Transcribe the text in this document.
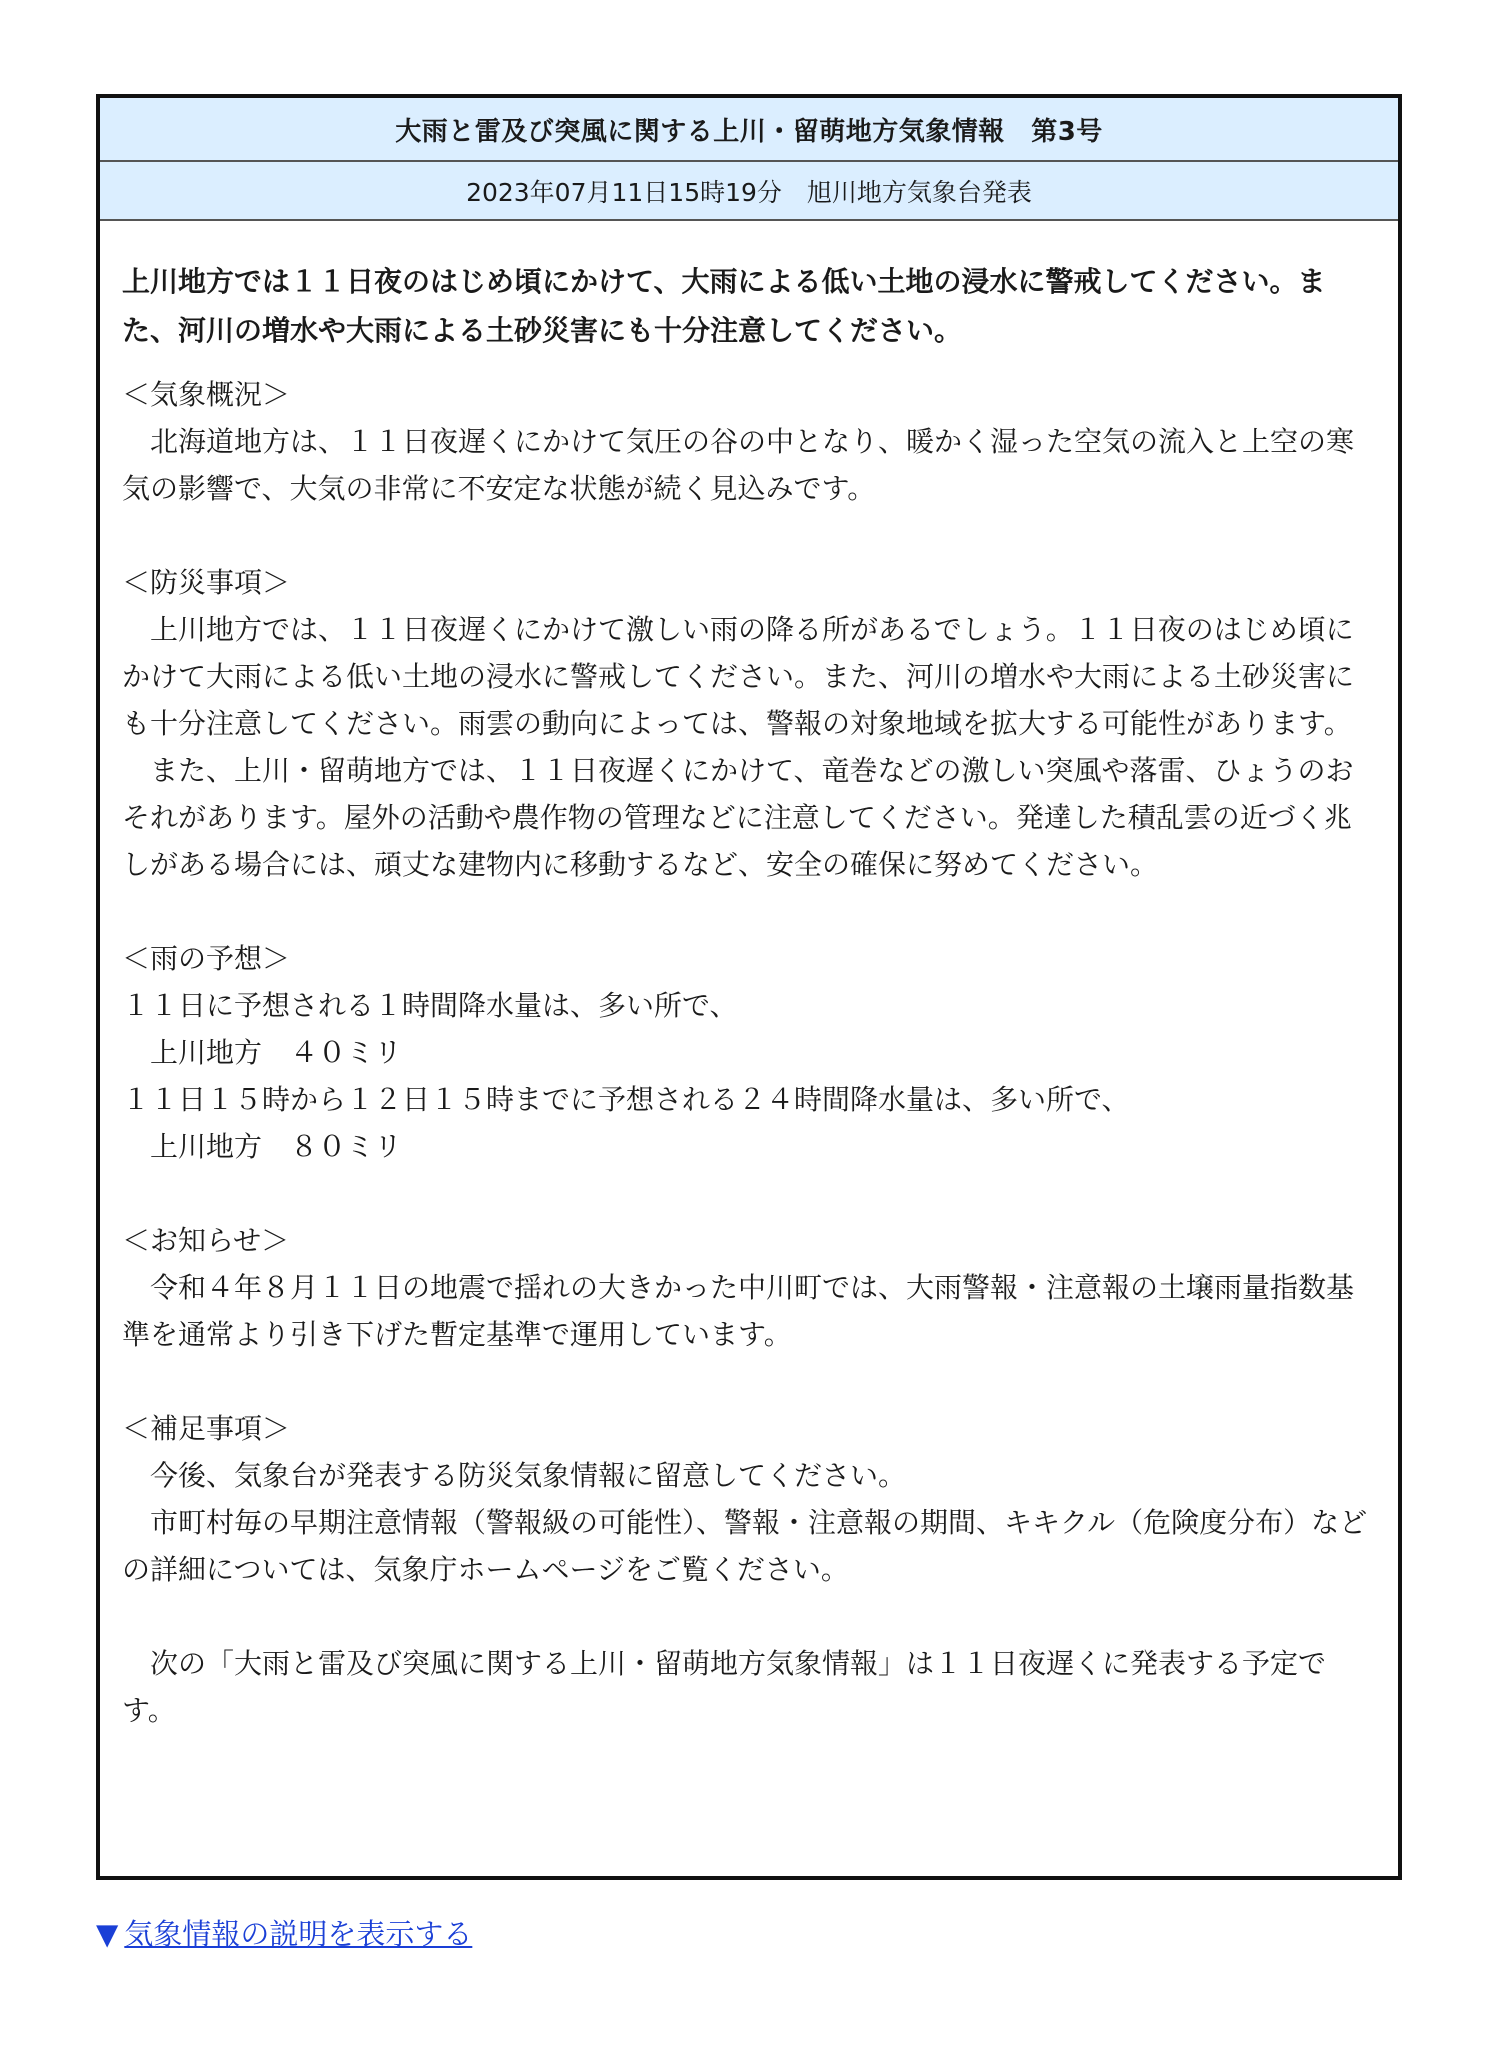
大雨と雷及び突風に関する上川・留萌地方気象情報　第3号
2023年07月11日15時19分　旭川地方気象台発表

上川地方では１１日夜のはじめ頃にかけて、大雨による低い土地の浸水に警戒してください。また、河川の増水や大雨による土砂災害にも十分注意してください。

＜気象概況＞

北海道地方は、１１日夜遅くにかけて気圧の谷の中となり、暖かく湿った空気の流入と上空の寒気の影響で、大気の非常に不安定な状態が続く見込みです。

＜防災事項＞

上川地方では、１１日夜遅くにかけて激しい雨の降る所があるでしょう。１１日夜のはじめ頃にかけて大雨による低い土地の浸水に警戒してください。また、河川の増水や大雨による土砂災害にも十分注意してください。雨雲の動向によっては、警報の対象地域を拡大する可能性があります。

また、上川・留萌地方では、１１日夜遅くにかけて、竜巻などの激しい突風や落雷、ひょうのおそれがあります。屋外の活動や農作物の管理などに注意してください。発達した積乱雲の近づく兆しがある場合には、頑丈な建物内に移動するなど、安全の確保に努めてください。

＜雨の予想＞

１１日に予想される１時間降水量は、多い所で、

　上川地方　４０ミリ

１１日１５時から１２日１５時までに予想される２４時間降水量は、多い所で、

　上川地方　８０ミリ

＜お知らせ＞

令和４年８月１１日の地震で揺れの大きかった中川町では、大雨警報・注意報の土壌雨量指数基準を通常より引き下げた暫定基準で運用しています。

＜補足事項＞

今後、気象台が発表する防災気象情報に留意してください。

市町村毎の早期注意情報（警報級の可能性）、警報・注意報の期間、キキクル（危険度分布）などの詳細については、気象庁ホームページをご覧ください。

次の「大雨と雷及び突風に関する上川・留萌地方気象情報」は１１日夜遅くに発表する予定です。

▼ 気象情報の説明を表示する
